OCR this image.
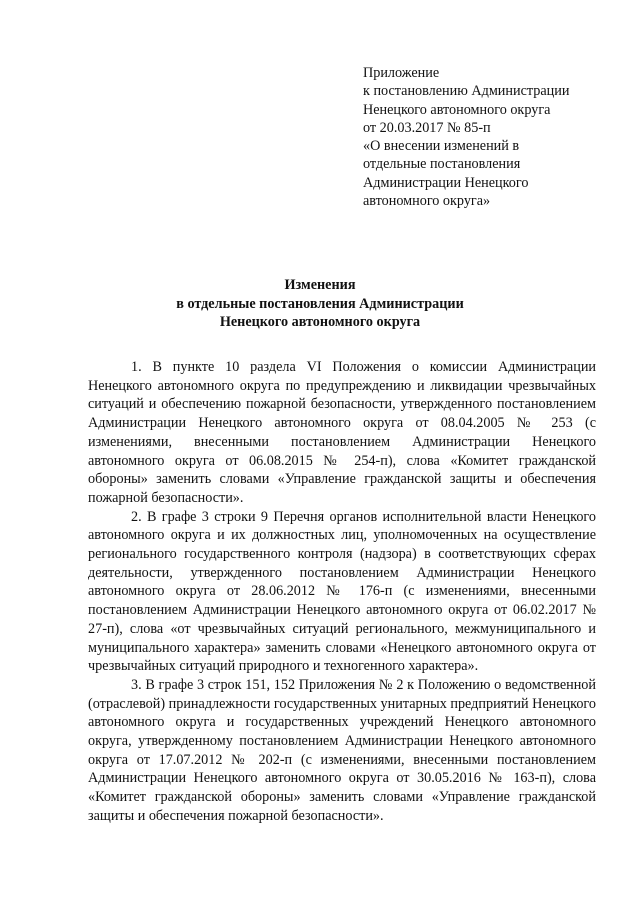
Приложение
к постановлению Администрации
Ненецкого автономного округа
от 20.03.2017 № 85-п
«О внесении изменений в
отдельные постановления
Администрации Ненецкого
автономного округа»
Изменения
в отдельные постановления Администрации
Ненецкого автономного округа

1. В пункте 10 раздела VI Положения о комиссии Администрации Ненецкого автономного округа по предупреждению и ликвидации чрезвычайных ситуаций и обеспечению пожарной безопасности, утвержденного постановлением Администрации Ненецкого автономного округа от 08.04.2005 № 253 (с изменениями, внесенными постановлением Администрации Ненецкого автономного округа от 06.08.2015 № 254-п), слова «Комитет гражданской обороны» заменить словами «Управление гражданской защиты и обеспечения пожарной безопасности».

2. В графе 3 строки 9 Перечня органов исполнительной власти Ненецкого автономного округа и их должностных лиц, уполномоченных на осуществление регионального государственного контроля (надзора) в соответствующих сферах деятельности, утвержденного постановлением Администрации Ненецкого автономного округа от 28.06.2012 № 176-п (с изменениями, внесенными постановлением Администрации Ненецкого автономного округа от 06.02.2017 № 27-п), слова «от чрезвычайных ситуаций регионального, межмуниципального и муниципального характера» заменить словами «Ненецкого автономного округа от чрезвычайных ситуаций природного и техногенного характера».

3. В графе 3 строк 151, 152 Приложения № 2 к Положению о ведомственной (отраслевой) принадлежности государственных унитарных предприятий Ненецкого автономного округа и государственных учреждений Ненецкого автономного округа, утвержденному постановлением Администрации Ненецкого автономного округа от 17.07.2012 № 202-п (с изменениями, внесенными постановлением Администрации Ненецкого автономного округа от 30.05.2016 № 163-п), слова «Комитет гражданской обороны» заменить словами «Управление гражданской защиты и обеспечения пожарной безопасности».
